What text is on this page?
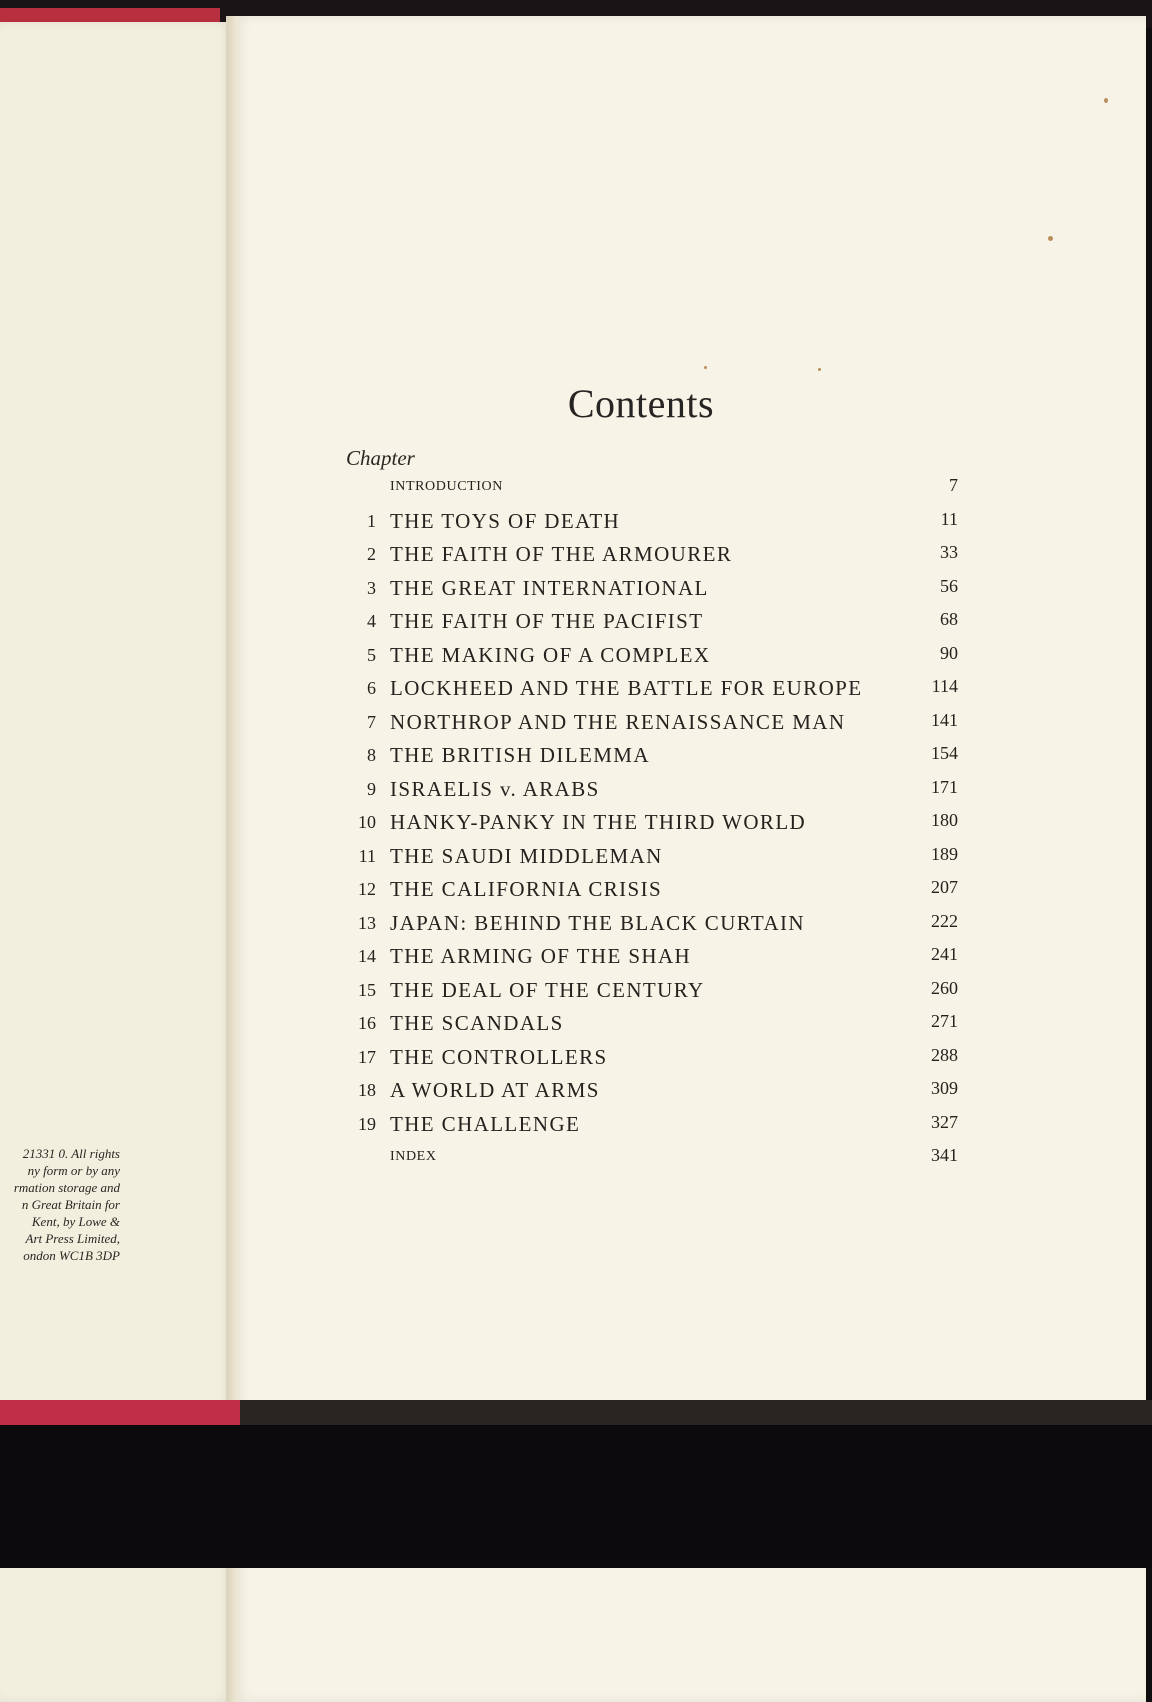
21331 0. All rights
ny form or by any
rmation storage and
n Great Britain for
Kent, by Lowe &
Art Press Limited,
ondon WC1B 3DP
Contents
Chapter
INTRODUCTION	7
1 THE TOYS OF DEATH	11
2 THE FAITH OF THE ARMOURER	33
3 THE GREAT INTERNATIONAL	56
4 THE FAITH OF THE PACIFIST	68
5 THE MAKING OF A COMPLEX	90
6 LOCKHEED AND THE BATTLE FOR EUROPE	114
7 NORTHROP AND THE RENAISSANCE MAN	141
8 THE BRITISH DILEMMA	154
9 ISRAELIS v. ARABS	171
10 HANKY-PANKY IN THE THIRD WORLD	180
11 THE SAUDI MIDDLEMAN	189
12 THE CALIFORNIA CRISIS	207
13 JAPAN: BEHIND THE BLACK CURTAIN	222
14 THE ARMING OF THE SHAH	241
15 THE DEAL OF THE CENTURY	260
16 THE SCANDALS	271
17 THE CONTROLLERS	288
18 A WORLD AT ARMS	309
19 THE CHALLENGE	327
INDEX	341
